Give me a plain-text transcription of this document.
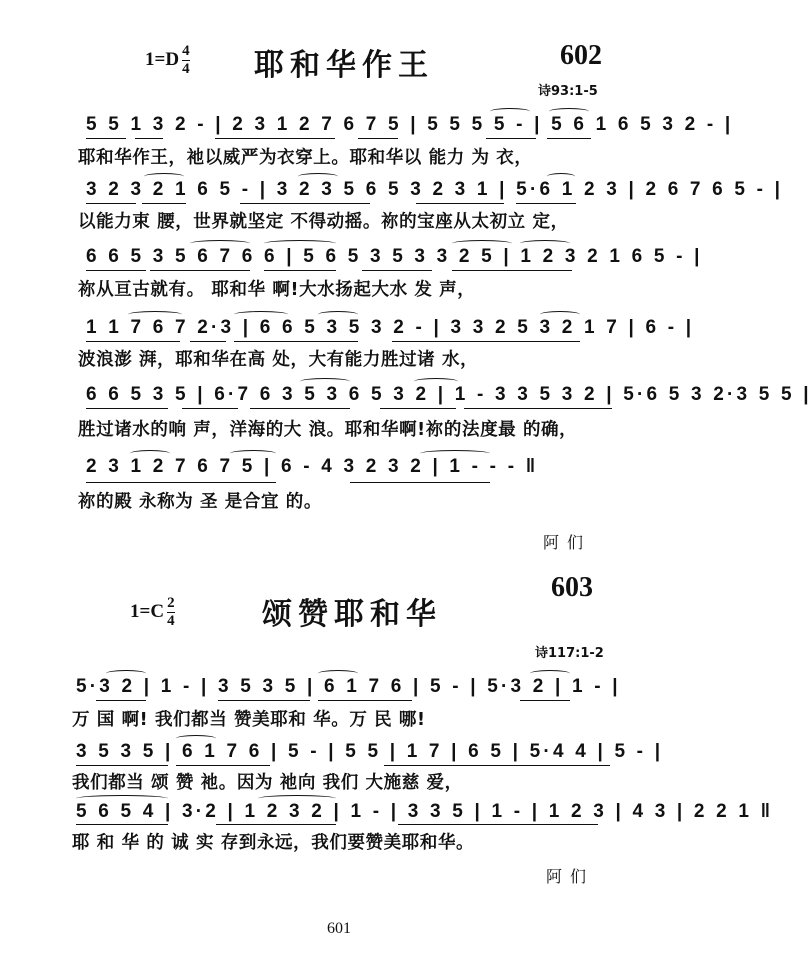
$1=D \frac{4}{4}$ 耶和华作王	602
诗93:1-5
5 5 1 3 2 - | 2 3 1 2 7 6 7 5 | 5 5 5 5 - | 5 6 1 6 5 3 2 - |
耶和华作王，祂以威严为衣穿上。耶和华以 能力 为 衣，
3 2 3 2 1 6 5 - | 3 2 3 5 6 5 3 2 3 1 | 5·6 1 2 3 | 2 6 7 6 5 - |
以能力束 腰，世界就坚定 不得动摇。祢的宝座从太初立 定，
6 6 5 3 5 6 7 6 6 | 5 6 5 3 5 3 3 2 5 | 1 2 3 2 1 6 5 - |
祢从亘古就有。 耶和华 啊!大水扬起大水 发 声，
1 1 7 6 7 2·3 | 6 6 5 3 5 3 2 - | 3 3 2 5 3 2 1 7 | 6 - |
波浪澎 湃，耶和华在高 处，大有能力胜过诸 水，
6 6 5 3 5 | 6·7 6 3 5 3 6 5 3 2 | 1 - 3 3 5 3 2 | 5·6 5 3 2·3 5 5 |
胜过诸水的响 声，洋海的大 浪。耶和华啊!祢的法度最 的确，
2 3 1 2 7 6 7 5 | 6 - 4 3 2 3 2 | 1 - - - ‖
祢的殿 永称为 圣 是合宜 的。
阿们
$1=C \frac{2}{4}$	颂赞耶和华
603
诗117:1-2
5·3 2 | 1 - | 3 5 3 5 | 6 1 7 6 | 5 - | 5·3 2 | 1 - |
万 国 啊! 我们都当 赞美耶和 华。万 民 哪!
3 5 3 5 | 6 1 7 6 | 5 - | 5 5 | 1 7 | 6 5 | 5·4 4 | 5 - |
我们都当 颂 赞 祂。因为 祂向 我们 大施慈 爱，
5 6 5 4 | 3·2 | 1 2 3 2 | 1 - | 3 3 5 | 1 - | 1 2 3 | 4 3 | 2 2 1 ‖
耶 和 华 的 诚 实 存到永远，我们要赞美耶和华。
阿们
601
